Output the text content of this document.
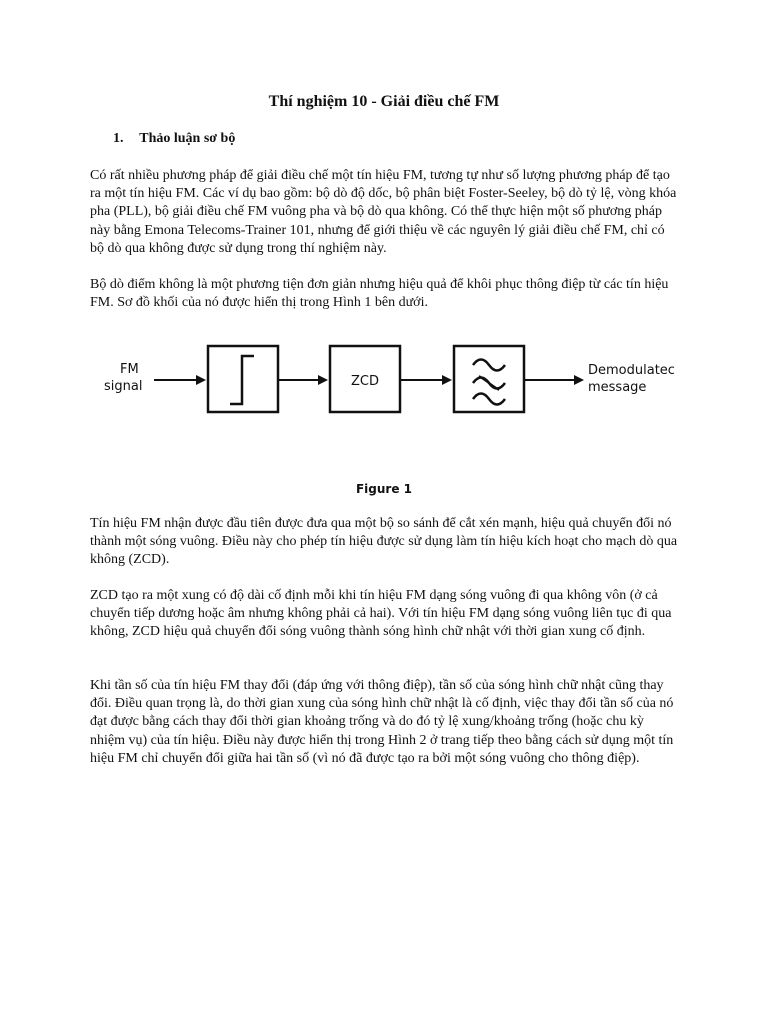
Thí nghiệm 10 - Giải điều chế FM
1. Thảo luận sơ bộ

Có rất nhiều phương pháp để giải điều chế một tín hiệu FM, tương tự như số lượng phương pháp để tạo ra một tín hiệu FM. Các ví dụ bao gồm: bộ dò độ dốc, bộ phân biệt Foster-Seeley, bộ dò tỷ lệ, vòng khóa pha (PLL), bộ giải điều chế FM vuông pha và bộ dò qua không. Có thể thực hiện một số phương pháp này bằng Emona Telecoms-Trainer 101, nhưng để giới thiệu về các nguyên lý giải điều chế FM, chỉ có bộ dò qua không được sử dụng trong thí nghiệm này.

Bộ dò điểm không là một phương tiện đơn giản nhưng hiệu quả để khôi phục thông điệp từ các tín hiệu FM. Sơ đồ khối của nó được hiển thị trong Hình 1 bên dưới.

FM
signal	ZCD
Demodulatec
message
Figure 1

Tín hiệu FM nhận được đầu tiên được đưa qua một bộ so sánh để cắt xén mạnh, hiệu quả chuyển đổi nó thành một sóng vuông. Điều này cho phép tín hiệu được sử dụng làm tín hiệu kích hoạt cho mạch dò qua không (ZCD).

ZCD tạo ra một xung có độ dài cố định mỗi khi tín hiệu FM dạng sóng vuông đi qua không vôn (ở cả chuyển tiếp dương hoặc âm nhưng không phải cả hai). Với tín hiệu FM dạng sóng vuông liên tục đi qua không, ZCD hiệu quả chuyển đổi sóng vuông thành sóng hình chữ nhật với thời gian xung cố định.

Khi tần số của tín hiệu FM thay đổi (đáp ứng với thông điệp), tần số của sóng hình chữ nhật cũng thay đổi. Điều quan trọng là, do thời gian xung của sóng hình chữ nhật là cố định, việc thay đổi tần số của nó đạt được bằng cách thay đổi thời gian khoảng trống và do đó tỷ lệ xung/khoảng trống (hoặc chu kỳ nhiệm vụ) của tín hiệu. Điều này được hiển thị trong Hình 2 ở trang tiếp theo bằng cách sử dụng một tín hiệu FM chỉ chuyển đổi giữa hai tần số (vì nó đã được tạo ra bởi một sóng vuông cho thông điệp).
